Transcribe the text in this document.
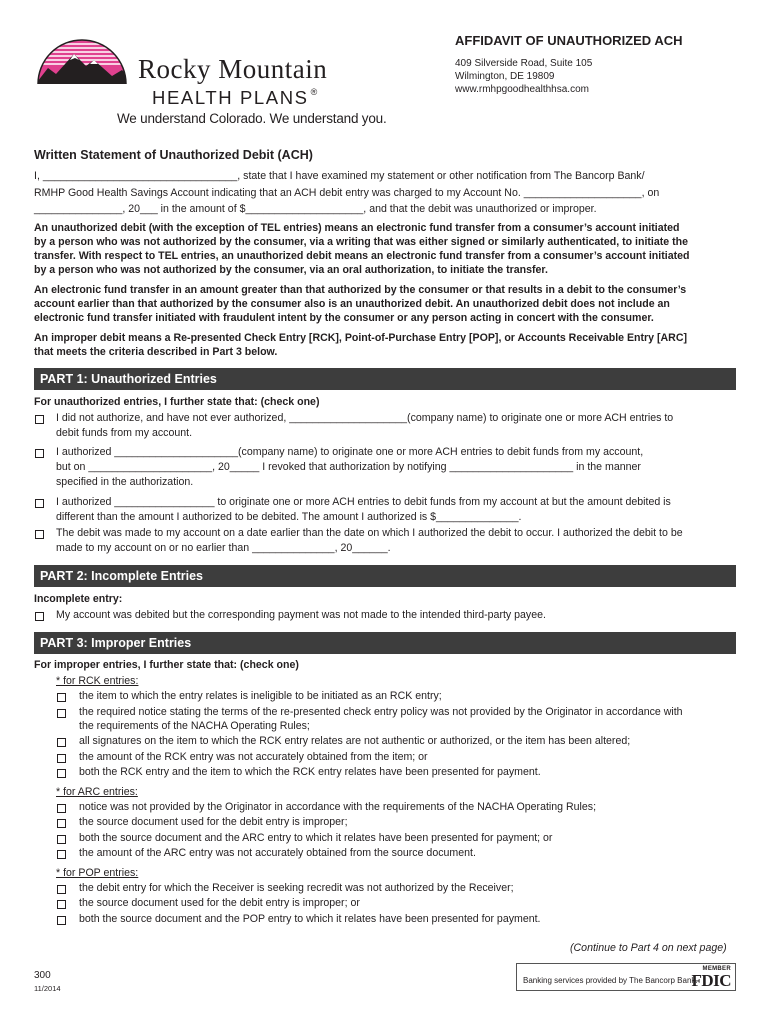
Rocky Mountain
HEALTH PLANS ®
We understand Colorado. We understand you.
AFFIDAVIT OF UNAUTHORIZED ACH
409 Silverside Road, Suite 105
Wilmington, DE 19809
www.rmhpgoodhealthhsa.com
Written Statement of Unauthorized Debit (ACH)
I, _________________________________, state that I have examined my statement or other notification from The Bancorp Bank/
RMHP Good Health Savings Account indicating that an ACH debit entry was charged to my Account No. ____________________, on
_______________, 20___ in the amount of $____________________, and that the debit was unauthorized or improper.
An unauthorized debit (with the exception of TEL entries) means an electronic fund transfer from a consumer’s account initiated
by a person who was not authorized by the consumer, via a writing that was either signed or similarly authenticated, to initiate the
transfer. With respect to TEL entries, an unauthorized debit means an electronic fund transfer from a consumer’s account initiated
by a person who was not authorized by the consumer, via an oral authorization, to initiate the transfer.
An electronic fund transfer in an amount greater than that authorized by the consumer or that results in a debit to the consumer’s
account earlier than that authorized by the consumer also is an unauthorized debit. An unauthorized debit does not include an
electronic fund transfer initiated with fraudulent intent by the consumer or any person acting in concert with the consumer.
An improper debit means a Re-presented Check Entry [RCK], Point-of-Purchase Entry [POP], or Accounts Receivable Entry [ARC]
that meets the criteria described in Part 3 below.
PART 1: Unauthorized Entries
For unauthorized entries, I further state that: (check one)
I did not authorize, and have not ever authorized, ____________________(company name) to originate one or more ACH entries to
debit funds from my account.
I authorized _____________________(company name) to originate one or more ACH entries to debit funds from my account,
but on _____________________, 20_____ I revoked that authorization by notifying _____________________ in the manner
specified in the authorization.
I authorized _________________ to originate one or more ACH entries to debit funds from my account at but the amount debited is
different than the amount I authorized to be debited. The amount I authorized is $______________.
The debit was made to my account on a date earlier than the date on which I authorized the debit to occur. I authorized the debit to be
made to my account on or no earlier than ______________, 20______.
PART 2: Incomplete Entries
Incomplete entry:
My account was debited but the corresponding payment was not made to the intended third-party payee.
PART 3: Improper Entries
For improper entries, I further state that: (check one)
* for RCK entries:
the item to which the entry relates is ineligible to be initiated as an RCK entry;
the required notice stating the terms of the re-presented check entry policy was not provided by the Originator in accordance with
the requirements of the NACHA Operating Rules;
all signatures on the item to which the RCK entry relates are not authentic or authorized, or the item has been altered;
the amount of the RCK entry was not accurately obtained from the item; or
both the RCK entry and the item to which the RCK entry relates have been presented for payment.
* for ARC entries:
notice was not provided by the Originator in accordance with the requirements of the NACHA Operating Rules;
the source document used for the debit entry is improper;
both the source document and the ARC entry to which it relates have been presented for payment; or
the amount of the ARC entry was not accurately obtained from the source document.
* for POP entries:
the debit entry for which the Receiver is seeking recredit was not authorized by the Receiver;
the source document used for the debit entry is improper; or
both the source document and the POP entry to which it relates have been presented for payment.
(Continue to Part 4 on next page)
300
11/2014
Banking services provided by The Bancorp Bank.
MEMBER
FDIC
